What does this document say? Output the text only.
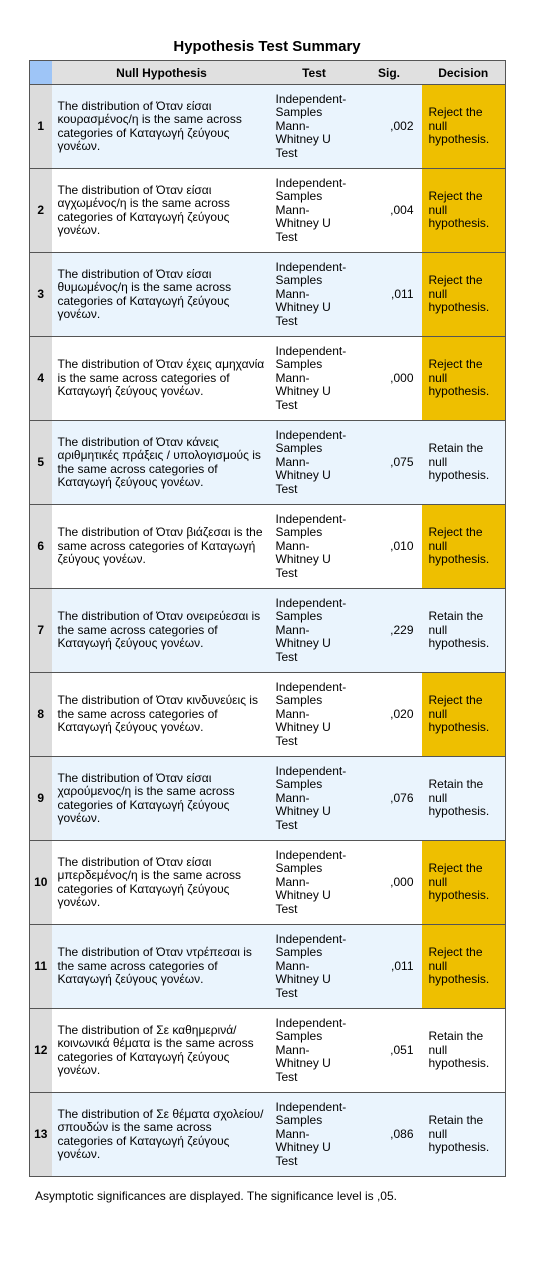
Hypothesis Test Summary
	Null Hypothesis	Test	Sig.	Decision
1	The distribution of Όταν είσαι κουρασμένος/η is the same across categories of Καταγωγή ζεύγους γονέων.	Independent-Samples Mann-Whitney U Test	,002	Reject the null hypothesis.
2	The distribution of Όταν είσαι αγχωμένος/η is the same across categories of Καταγωγή ζεύγους γονέων.	Independent-Samples Mann-Whitney U Test	,004	Reject the null hypothesis.
3	The distribution of Όταν είσαι θυμωμένος/η is the same across categories of Καταγωγή ζεύγους γονέων.	Independent-Samples Mann-Whitney U Test	,011	Reject the null hypothesis.
4	The distribution of Όταν έχεις αμηχανία is the same across categories of Καταγωγή ζεύγους γονέων.	Independent-Samples Mann-Whitney U Test	,000	Reject the null hypothesis.
5	The distribution of Όταν κάνεις αριθμητικές πράξεις / υπολογισμούς is the same across categories of Καταγωγή ζεύγους γονέων.	Independent-Samples Mann-Whitney U Test	,075	Retain the null hypothesis.
6	The distribution of Όταν βιάζεσαι is the same across categories of Καταγωγή ζεύγους γονέων.	Independent-Samples Mann-Whitney U Test	,010	Reject the null hypothesis.
7	The distribution of Όταν ονειρεύεσαι is the same across categories of Καταγωγή ζεύγους γονέων.	Independent-Samples Mann-Whitney U Test	,229	Retain the null hypothesis.
8	The distribution of Όταν κινδυνεύεις is the same across categories of Καταγωγή ζεύγους γονέων.	Independent-Samples Mann-Whitney U Test	,020	Reject the null hypothesis.
9	The distribution of Όταν είσαι χαρούμενος/η is the same across categories of Καταγωγή ζεύγους γονέων.	Independent-Samples Mann-Whitney U Test	,076	Retain the null hypothesis.
10	The distribution of Όταν είσαι μπερδεμένος/η is the same across categories of Καταγωγή ζεύγους γονέων.	Independent-Samples Mann-Whitney U Test	,000	Reject the null hypothesis.
11	The distribution of Όταν ντρέπεσαι is the same across categories of Καταγωγή ζεύγους γονέων.	Independent-Samples Mann-Whitney U Test	,011	Reject the null hypothesis.
12	The distribution of Σε καθημερινά/κοινωνικά θέματα is the same across categories of Καταγωγή ζεύγους γονέων.	Independent-Samples Mann-Whitney U Test	,051	Retain the null hypothesis.
13	The distribution of Σε θέματα σχολείου/σπουδών is the same across categories of Καταγωγή ζεύγους γονέων.	Independent-Samples Mann-Whitney U Test	,086	Retain the null hypothesis.
Asymptotic significances are displayed. The significance level is ,05.
